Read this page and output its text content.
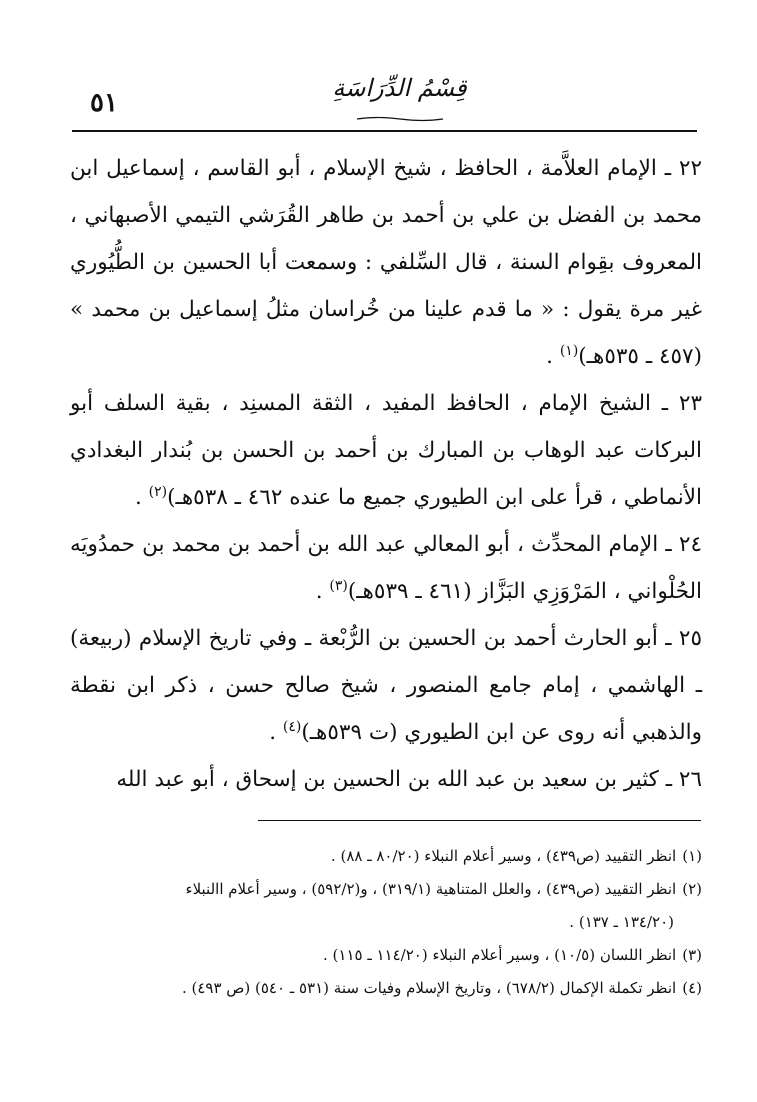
٥١	قِسْمُ الدِّرَاسَةِ

٢٢ ـ الإمام العلاَّمة ، الحافظ ، شيخ الإسلام ، أبو القاسم ، إسماعيل ابن محمد بن الفضل بن علي بن أحمد بن طاهر القُرَشي التيمي الأصبهاني ، المعروف بقِوام السنة ، قال السِّلفي : وسمعت أبا الحسين بن الطُّيُوري غير مرة يقول : « ما قدم علينا من خُراسان مثلُ إسماعيل بن محمد » (٤٥٧ ـ ٥٣٥هـ)$^{(١)}$ .

٢٣ ـ الشيخ الإمام ، الحافظ المفيد ، الثقة المسنِد ، بقية السلف أبو البركات عبد الوهاب بن المبارك بن أحمد بن الحسن بن بُندار البغدادي الأنماطي ، قرأ على ابن الطيوري جميع ما عنده ٤٦٢ ـ ٥٣٨هـ)$^{(٢)}$ .

٢٤ ـ الإمام المحدِّث ، أبو المعالي عبد الله بن أحمد بن محمد بن حمدُويَه الحُلْواني ، المَرْوَزِي البَزَّاز (٤٦١ ـ ٥٣٩هـ)$^{(٣)}$ .

٢٥ ـ أبو الحارث أحمد بن الحسين بن الرُّبْعة ـ وفي تاريخ الإسلام (ربيعة) ـ الهاشمي ، إمام جامع المنصور ، شيخ صالح حسن ، ذكر ابن نقطة والذهبي أنه روى عن ابن الطيوري (ت ٥٣٩هـ)$^{(٤)}$ .

٢٦ ـ كثير بن سعيد بن عبد الله بن الحسين بن إسحاق ، أبو عبد الله

(١)انظر التقييد (ص٤٣٩) ، وسير أعلام النبلاء (٨٠/٢٠ ـ ٨٨) .

(٢)انظر التقييد (ص٤٣٩) ، والعلل المتناهية (٣١٩/١) ، و(٥٩٢/٢) ، وسير أعلام االنبلاء
(١٣٤/٢٠ ـ ١٣٧) .

(٣)انظر اللسان (١٠/٥) ، وسير أعلام النبلاء (١١٤/٢٠ ـ ١١٥) .

(٤)انظر تكملة الإكمال (٦٧٨/٢) ، وتاريخ الإسلام وفيات سنة (٥٣١ ـ ٥٤٠) (ص ٤٩٣) .
